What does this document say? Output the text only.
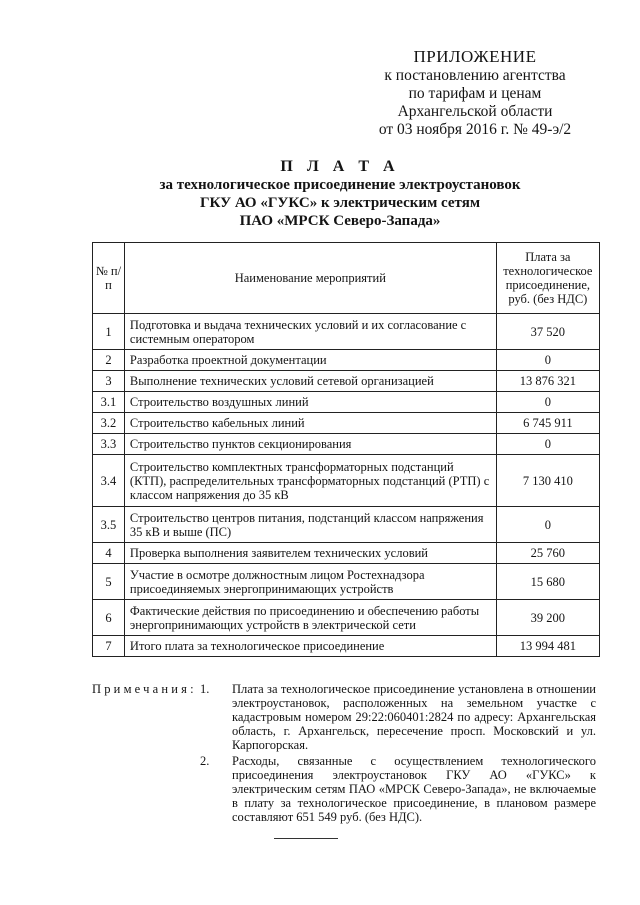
ПРИЛОЖЕНИЕ
к постановлению агентства
по тарифам и ценам
Архангельской области
от 03 ноября 2016 г. № 49-э/2
П Л А Т А
за технологическое присоединение электроустановок
ГКУ АО «ГУКС» к электрическим сетям
ПАО «МРСК Северо-Запада»
№ п/п	Наименование мероприятий	Плата за технологическое присоединение, руб. (без НДС)
1	Подготовка и выдача технических условий и их согласование с системным оператором	37 520
2	Разработка проектной документации	0
3	Выполнение технических условий сетевой организацией	13 876 321
3.1	Строительство воздушных линий	0
3.2	Строительство кабельных линий	6 745 911
3.3	Строительство пунктов секционирования	0
3.4	Строительство комплектных трансформаторных подстанций (КТП), распределительных трансформаторных подстанций (РТП) с классом напряжения до 35 кВ	7 130 410
3.5	Строительство центров питания, подстанций классом напряжения 35 кВ и выше (ПС)	0
4	Проверка выполнения заявителем технических условий	25 760
5	Участие в осмотре должностным лицом Ростехнадзора присоединяемых энергопринимающих устройств	15 680
6	Фактические действия по присоединению и обеспечению работы энергопринимающих устройств в электрической сети	39 200
7	Итого плата за технологическое присоединение	13 994 481
Примечания: 1. Плата за технологическое присоединение установлена в отношении электроустановок, расположенных на земельном участке с кадастровым номером 29:22:060401:2824 по адресу: Архангельская область, г. Архангельск, пересечение просп. Московский и ул. Карпогорская.
2. Расходы, связанные с осуществлением технологического присоединения электроустановок ГКУ АО «ГУКС» к электрическим сетям ПАО «МРСК Северо-Запада», не включаемые в плату за технологическое присоединение, в плановом размере составляют 651 549 руб. (без НДС).
